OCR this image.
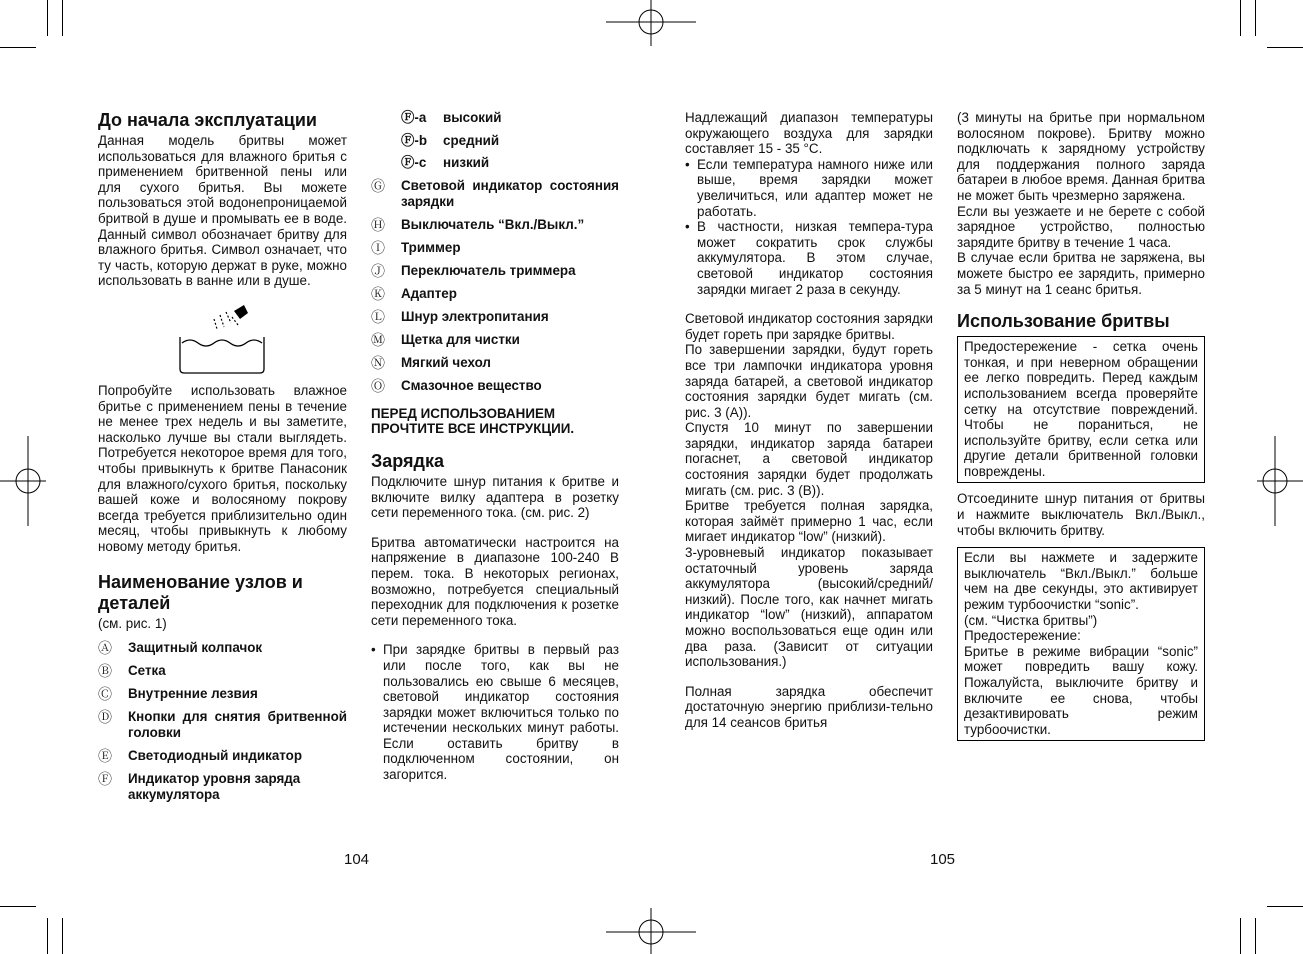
До начала эксплуатации

Данная модель бритвы может использоваться для влажного бритья с применением бритвенной пены или для сухого бритья. Вы можете пользоваться этой водонепроницаемой бритвой в душе и промывать ее в воде. Данный символ обозначает бритву для влажного бритья. Символ означает, что ту часть, которую держат в руке, можно использовать в ванне или в душе.

Попробуйте использовать влажное бритье с применением пены в течение не менее трех недель и вы заметите, насколько лучше вы стали выглядеть. Потребуется некоторое время для того, чтобы привыкнуть к бритве Панасоник для влажного/сухого бритья, поскольку вашей коже и волосяному покрову всегда требуется приблизительно один месяц, чтобы привыкнуть к любому новому методу бритья.

Наименование узлов и деталей

(см. рис. 1)

Ⓐ	Защитный колпачок
Ⓑ	Сетка
Ⓒ	Внутренние лезвия
Ⓓ	Кнопки для снятия бритвенной головки
Ⓔ	Светодиодный индикатор
Ⓕ	Индикатор уровня заряда аккумулятора
104
Ⓕ-a	высокий
Ⓕ-b	средний
Ⓕ-c	низкий
Ⓖ	Световой индикатор состояния зарядки
Ⓗ	Выключатель “Вкл./Выкл.”
Ⓘ	Триммер
Ⓙ	Переключатель триммера
Ⓚ	Адаптер
Ⓛ	Шнур электропитания
Ⓜ	Щетка для чистки
Ⓝ	Мягкий чехол
Ⓞ	Смазочное вещество

ПЕРЕД ИСПОЛЬЗОВАНИЕМ ПРОЧТИТЕ ВСЕ ИНСТРУКЦИИ.

Зарядка

Подключите шнур питания к бритве и включите вилку адаптера в розетку сети переменного тока. (см. рис. 2)

Бритва автоматически настроится на напряжение в диапазоне 100-240 В перем. тока. В некоторых регионах, возможно, потребуется специальный переходник для подключения к розетке сети переменного тока.

• При зарядке бритвы в первый раз или после того, как вы не пользовались ею свыше 6 месяцев, световой индикатор состояния зарядки может включиться только по истечении нескольких минут работы. Если оставить бритву в подключенном состоянии, он загорится.

Надлежащий диапазон температуры окружающего воздуха для зарядки составляет 15 - 35 °С.

• Если температура намного ниже или выше, время зарядки может увеличиться, или адаптер может не работать.
• В частности, низкая темпера-тура может сократить срок службы аккумулятора. В этом случае, световой индикатор состояния зарядки мигает 2 раза в секунду.

Световой индикатор состояния зарядки будет гореть при зарядке бритвы.

По завершении зарядки, будут гореть все три лампочки индикатора уровня заряда батарей, а световой индикатор состояния зарядки будет мигать (см. рис. 3 (А)).

Спустя 10 минут по завершении зарядки, индикатор заряда батареи погаснет, а световой индикатор состояния зарядки будет продолжать мигать (см. рис. 3 (В)).

Бритве требуется полная зарядка, которая займёт примерно 1 час, если мигает индикатор “low” (низкий).

3-уровневый индикатор показывает остаточный уровень заряда аккумулятора (высокий/средний/низкий). После того, как начнет мигать индикатор “low” (низкий), аппаратом можно воспользоваться еще один или два раза. (Зависит от ситуации использования.)

Полная зарядка обеспечит достаточную энергию приблизи-тельно для 14 сеансов бритья

105

(3 минуты на бритье при нормальном волосяном покрове). Бритву можно подключать к зарядному устройству для поддержания полного заряда батареи в любое время. Данная бритва не может быть чрезмерно заряжена.

Если вы уезжаете и не берете с собой зарядное устройство, полностью зарядите бритву в течение 1 часа.

В случае если бритва не заряжена, вы можете быстро ее зарядить, примерно за 5 минут на 1 сеанс бритья.

Использование бритвы

Предостережение - сетка очень тонкая, и при неверном обращении ее легко повредить. Перед каждым использованием всегда проверяйте сетку на отсутствие повреждений. Чтобы не пораниться, не используйте бритву, если сетка или другие детали бритвенной головки повреждены.

Отсоедините шнур питания от бритвы и нажмите выключатель Вкл./Выкл., чтобы включить бритву.

Если вы нажмете и задержите выключатель “Вкл./Выкл.” больше чем на две секунды, это активирует режим турбоочистки “sonic”.

(см. “Чистка бритвы”)

Предостережение:

Бритье в режиме вибрации “sonic” может повредить вашу кожу. Пожалуйста, выключите бритву и включите ее снова, чтобы дезактивировать режим турбоочистки.
